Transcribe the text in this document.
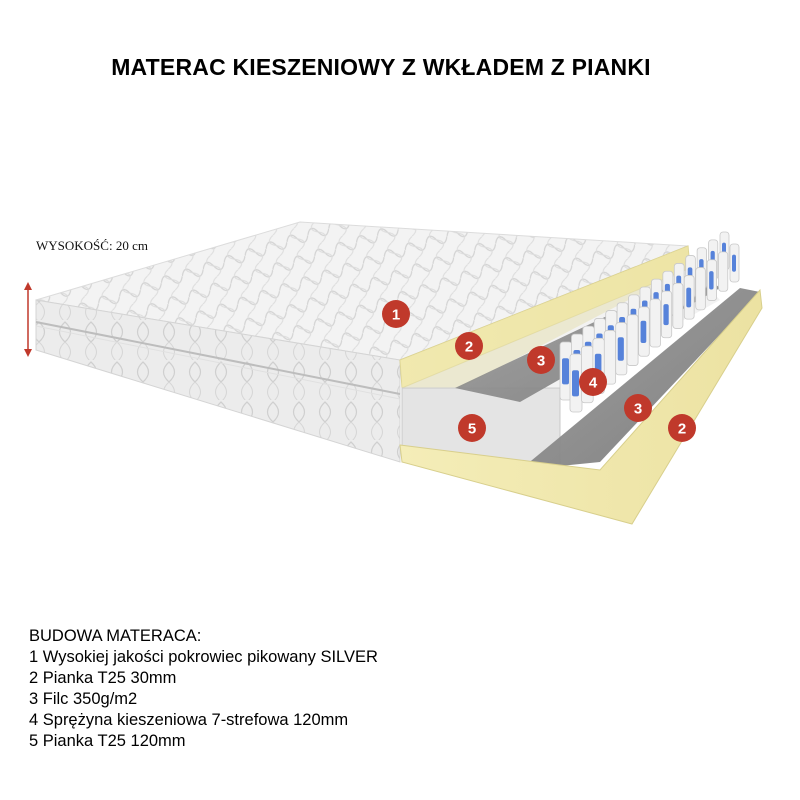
MATERAC KIESZENIOWY Z WKŁADEM Z PIANKI
WYSOKOŚĆ: 20 cm
1
2
3
4
3
2
5
BUDOWA MATERACA:
1 Wysokiej jakości pokrowiec pikowany SILVER
2 Pianka T25 30mm
3 Filc 350g/m2
4 Sprężyna kieszeniowa 7-strefowa 120mm
5 Pianka T25 120mm
